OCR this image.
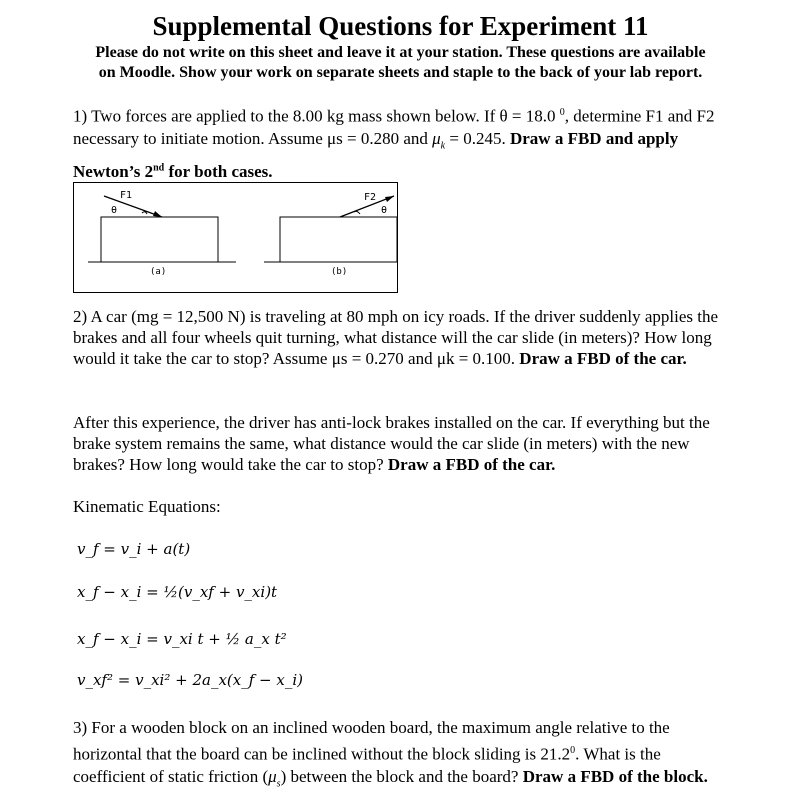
Supplemental Questions for Experiment 11
Please do not write on this sheet and leave it at your station. These questions are available
on Moodle. Show your work on separate sheets and staple to the back of your lab report.
1) Two forces are applied to the 8.00 kg mass shown below. If θ = 18.0 $^0$, determine F1 and F2 necessary to initiate motion. Assume μs = 0.280 and $\mu_k = 0.245$. Draw a FBD and apply Newton’s 2nd for both cases.
F1
θ
(a)
F2
θ
(b)
2) A car (mg = 12,500 N) is traveling at 80 mph on icy roads. If the driver suddenly applies the brakes and all four wheels quit turning, what distance will the car slide (in meters)? How long would it take the car to stop? Assume μs = 0.270 and μk = 0.100. Draw a FBD of the car.
After this experience, the driver has anti-lock brakes installed on the car. If everything but the brake system remains the same, what distance would the car slide (in meters) with the new brakes? How long would take the car to stop? Draw a FBD of the car.
Kinematic Equations:
v_f = v_i + a(t)
x_f − x_i = ½(v_xf + v_xi)t
x_f − x_i = v_xi t + ½ a_x t²
v_xf² = v_xi² + 2a_x(x_f − x_i)
3) For a wooden block on an inclined wooden board, the maximum angle relative to the horizontal that the board can be inclined without the block sliding is 21.2$^0$. What is the coefficient of static friction $(\mu_s)$ between the block and the board? Draw a FBD of the block.
